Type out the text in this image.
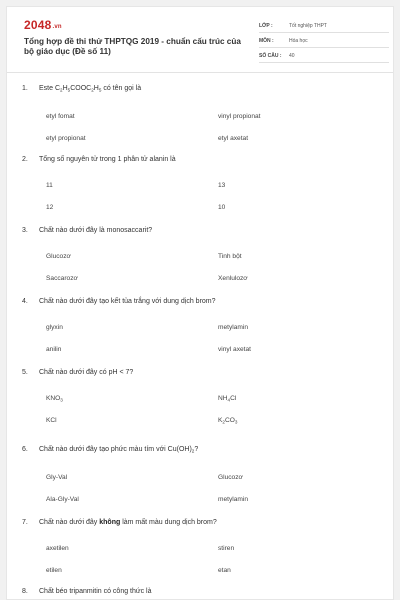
2048.vn
Tổng hợp đề thi thử THPTQG 2019 - chuẩn cấu trúc của bộ giáo dục (Đề số 11)
LỚP :	Tốt nghiệp THPT
MÔN :	Hóa học
SỐ CÂU :	40
1.	Este $C_2H_5COOC_2H_5$ có tên gọi là
etyl fomat	vinyl propionat
etyl propionat	etyl axetat
2.	Tổng số nguyên tử trong 1 phân tử alanin là
11	13
12	10
3.	Chất nào dưới đây là monosaccarit?
Glucozơ	Tinh bột
Saccarozơ	Xenlulozơ
4.	Chất nào dưới đây tạo kết tủa trắng với dung dịch brom?
glyxin	metylamin
anilin	vinyl axetat
5.	Chất nào dưới đây có pH < 7?
$KNO_3$	$NH_4Cl$
KCl	$K_2CO_3$
6.	Chất nào dưới đây tạo phức màu tím với $Cu(OH)_2$?
Gly-Val	Glucozơ
Ala-Gly-Val	metylamin
7.	Chất nào dưới đây không làm mất màu dung dịch brom?
axetilen	stiren
etilen	etan
8.	Chất béo tripanmitin có công thức là
